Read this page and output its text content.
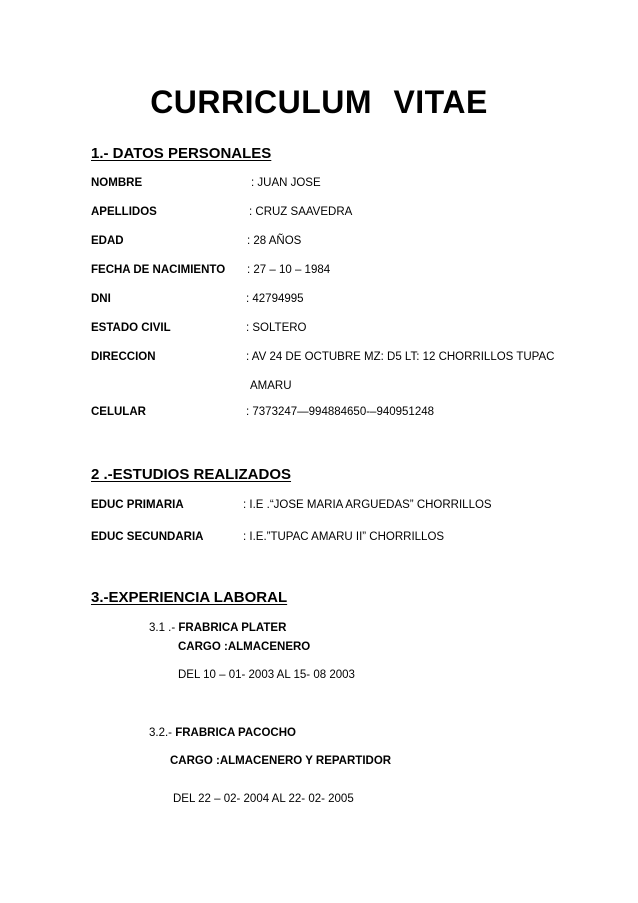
CURRICULUM VITAE
1.- DATOS PERSONALES
NOMBRE	: JUAN JOSE
APELLIDOS	: CRUZ SAAVEDRA
EDAD	: 28 AÑOS
FECHA DE NACIMIENTO : 27 – 10 – 1984
DNI	: 42794995
ESTADO CIVIL	: SOLTERO
DIRECCION	: AV 24 DE OCTUBRE MZ: D5 LT: 12 CHORRILLOS TUPAC
AMARU
CELULAR	: 7373247—994884650-–940951248
2 .-ESTUDIOS REALIZADOS
EDUC PRIMARIA	: I.E .“JOSE MARIA ARGUEDAS” CHORRILLOS
EDUC SECUNDARIA	: I.E.”TUPAC AMARU II” CHORRILLOS
3.-EXPERIENCIA LABORAL
3.1 .- FRABRICA PLATER
CARGO :ALMACENERO
DEL 10 – 01- 2003 AL 15- 08 2003
3.2.- FRABRICA PACOCHO
CARGO :ALMACENERO Y REPARTIDOR
DEL 22 – 02- 2004 AL 22- 02- 2005
